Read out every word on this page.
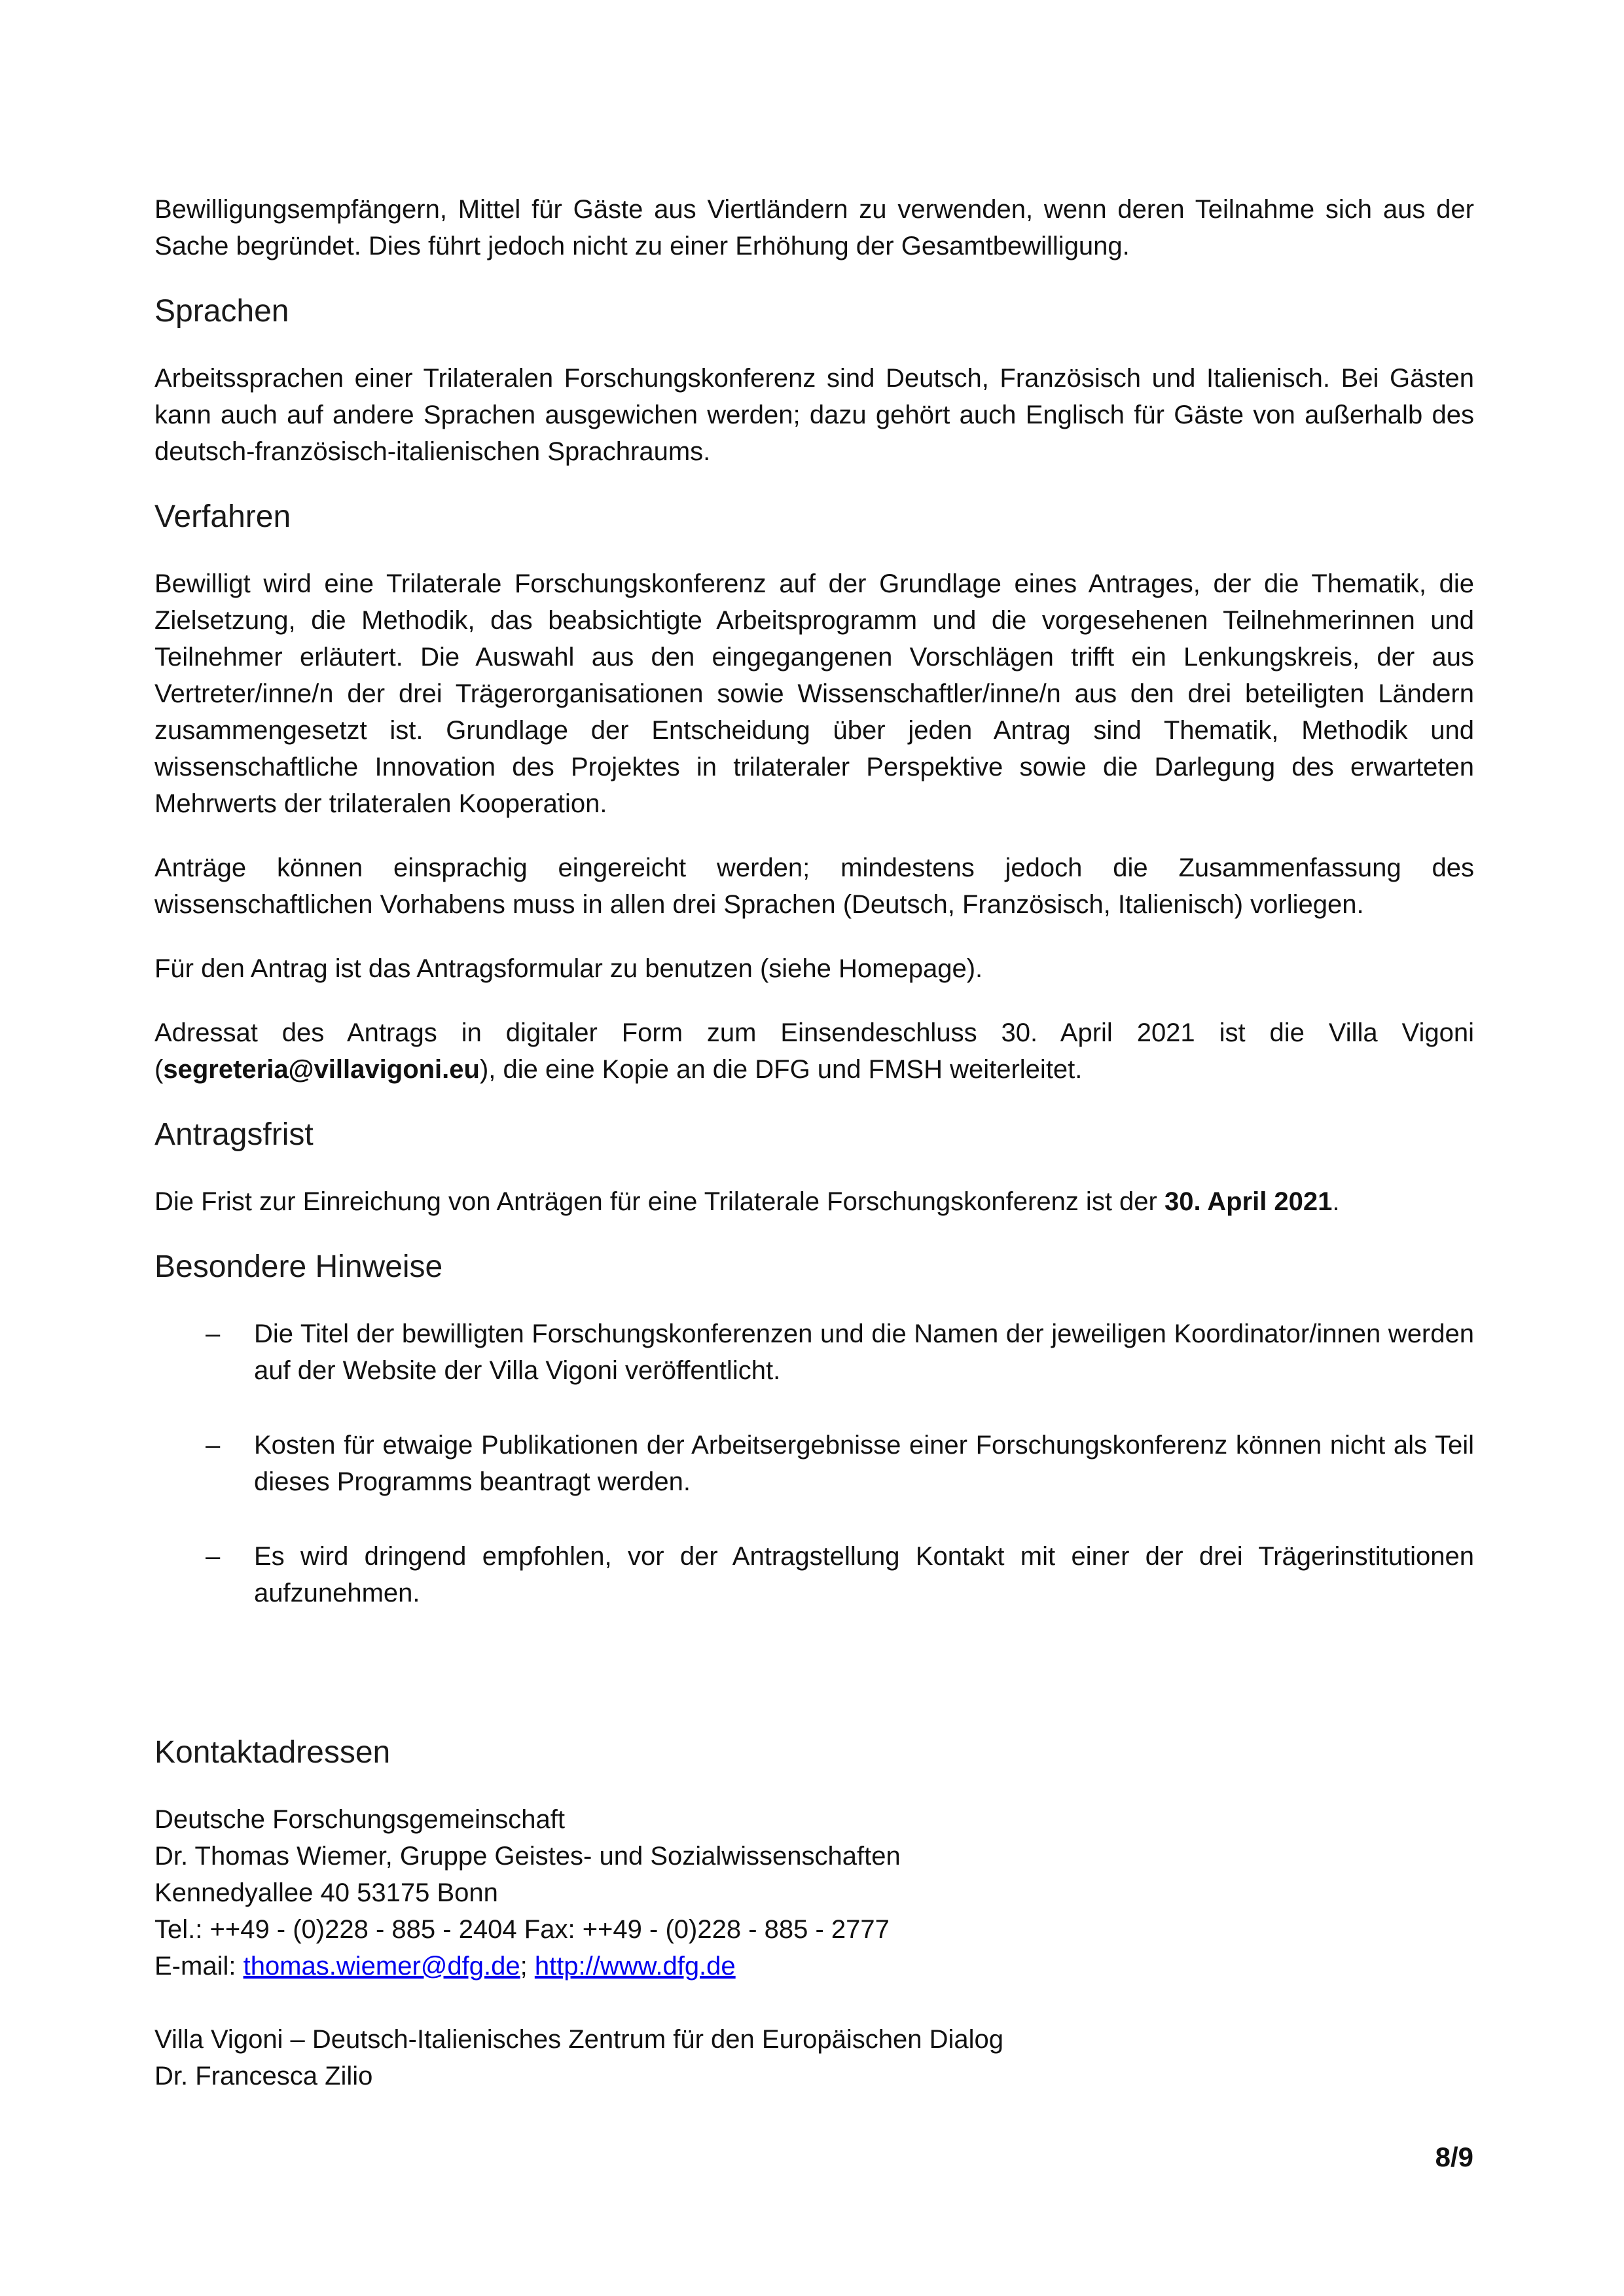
Bewilligungsempfängern, Mittel für Gäste aus Viertländern zu verwenden, wenn deren Teilnahme sich aus der Sache begründet. Dies führt jedoch nicht zu einer Erhöhung der Gesamtbewilligung.

Sprachen

Arbeitssprachen einer Trilateralen Forschungskonferenz sind Deutsch, Französisch und Italienisch. Bei Gästen kann auch auf andere Sprachen ausgewichen werden; dazu gehört auch Englisch für Gäste von außerhalb des deutsch-französisch-italienischen Sprachraums.

Verfahren

Bewilligt wird eine Trilaterale Forschungskonferenz auf der Grundlage eines Antrages, der die Thematik, die Zielsetzung, die Methodik, das beabsichtigte Arbeitsprogramm und die vorgesehenen Teilnehmerinnen und Teilnehmer erläutert. Die Auswahl aus den eingegangenen Vorschlägen trifft ein Lenkungskreis, der aus Vertreter/inne/n der drei Trägerorganisationen sowie Wissenschaftler/inne/n aus den drei beteiligten Ländern zusammengesetzt ist. Grundlage der Entscheidung über jeden Antrag sind Thematik, Methodik und wissenschaftliche Innovation des Projektes in trilateraler Perspektive sowie die Darlegung des erwarteten Mehrwerts der trilateralen Kooperation.

Anträge können einsprachig eingereicht werden; mindestens jedoch die Zusammenfassung des wissenschaftlichen Vorhabens muss in allen drei Sprachen (Deutsch, Französisch, Italienisch) vorliegen.

Für den Antrag ist das Antragsformular zu benutzen (siehe Homepage).

Adressat des Antrags in digitaler Form zum Einsendeschluss 30. April 2021 ist die Villa Vigoni (segreteria@villavigoni.eu), die eine Kopie an die DFG und FMSH weiterleitet.

Antragsfrist

Die Frist zur Einreichung von Anträgen für eine Trilaterale Forschungskonferenz ist der 30. April 2021.

Besondere Hinweise
– Die Titel der bewilligten Forschungskonferenzen und die Namen der jeweiligen Koordinator/innen werden auf der Website der Villa Vigoni veröffentlicht.
– Kosten für etwaige Publikationen der Arbeitsergebnisse einer Forschungskonferenz können nicht als Teil dieses Programms beantragt werden.
– Es wird dringend empfohlen, vor der Antragstellung Kontakt mit einer der drei Trägerinstitutionen aufzunehmen.
Kontaktadressen

Deutsche Forschungsgemeinschaft

Dr. Thomas Wiemer, Gruppe Geistes- und Sozialwissenschaften

Kennedyallee 40 53175 Bonn

Tel.: ++49 - (0)228 - 885 - 2404 Fax: ++49 - (0)228 - 885 - 2777

E-mail: thomas.wiemer@dfg.de; http://www.dfg.de

Villa Vigoni – Deutsch-Italienisches Zentrum für den Europäischen Dialog

Dr. Francesca Zilio

8/9
